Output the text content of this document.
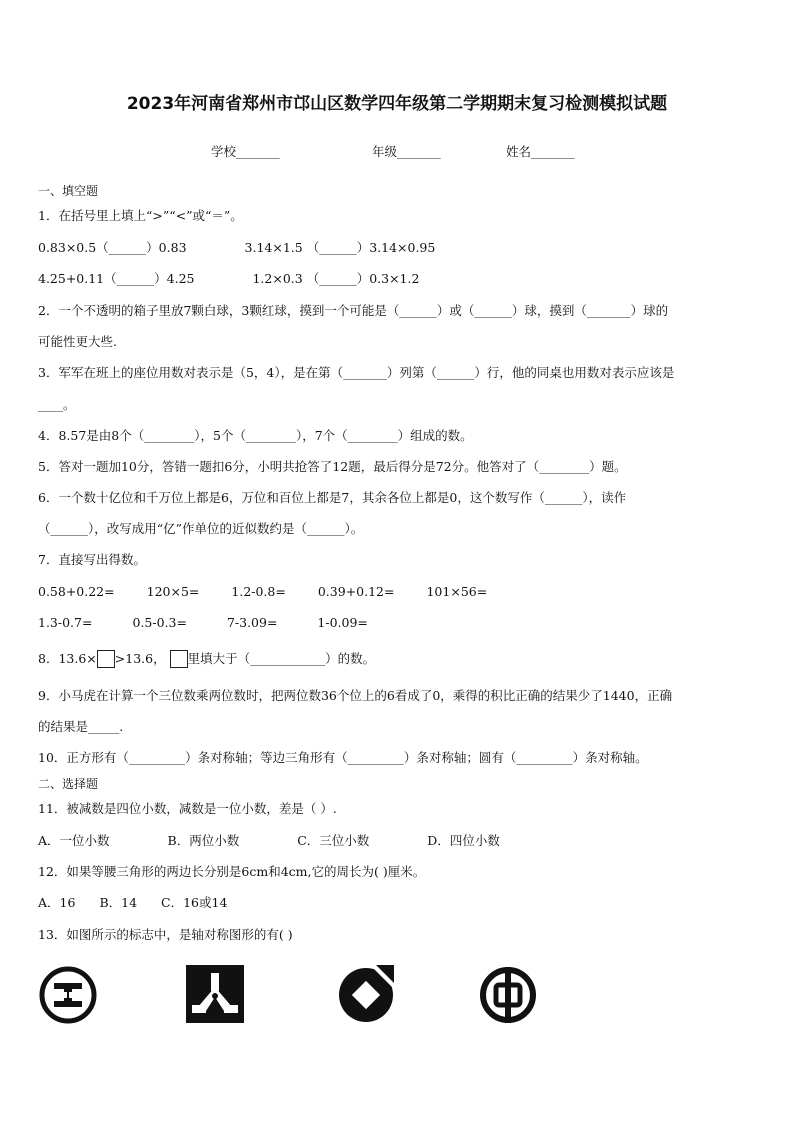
2023年河南省郑州市邙山区数学四年级第二学期期末复习检测模拟试题
学校_______	年级_______	姓名_______
一、填空题
1．在括号里上填上“>”“<”或“＝”。
0.83×0.5（______）0.83	3.14×1.5 （______）3.14×0.95
4.25+0.11（______）4.25	1.2×0.3 （______）0.3×1.2
2．一个不透明的箱子里放7颗白球，3颗红球，摸到一个可能是（______）或（______）球，摸到（_______）球的
可能性更大些.
3．军军在班上的座位用数对表示是（5，4），是在第（_______）列第（______）行，他的同桌也用数对表示应该是
____。
4．8.57是由8个（________），5个（________），7个（________）组成的数。
5．答对一题加10分，答错一题扣6分，小明共抢答了12题，最后得分是72分。他答对了（________）题。
6．一个数十亿位和千万位上都是6，万位和百位上都是7，其余各位上都是0，这个数写作（______），读作
（______），改写成用“亿”作单位的近似数约是（______）。
7．直接写出得数。
0.58+0.22=	120×5=	1.2-0.8=	0.39+0.12=	101×56=
1.3-0.7=	0.5-0.3=	7-3.09=	1-0.09=
8．13.6× >13.6， 里填大于（____________）的数。
9．小马虎在计算一个三位数乘两位数时，把两位数36个位上的6看成了0，乘得的积比正确的结果少了1440，正确
的结果是_____.
10．正方形有（_________）条对称轴；等边三角形有（_________）条对称轴；圆有（_________）条对称轴。
二、选择题
11．被减数是四位小数，减数是一位小数，差是（ ）.
A．一位小数	B．两位小数	C．三位小数	D．四位小数
12．如果等腰三角形的两边长分别是6cm和4cm,它的周长为( )厘米。
A．16 B．14 C．16或14
13．如图所示的标志中，是轴对称图形的有( )
